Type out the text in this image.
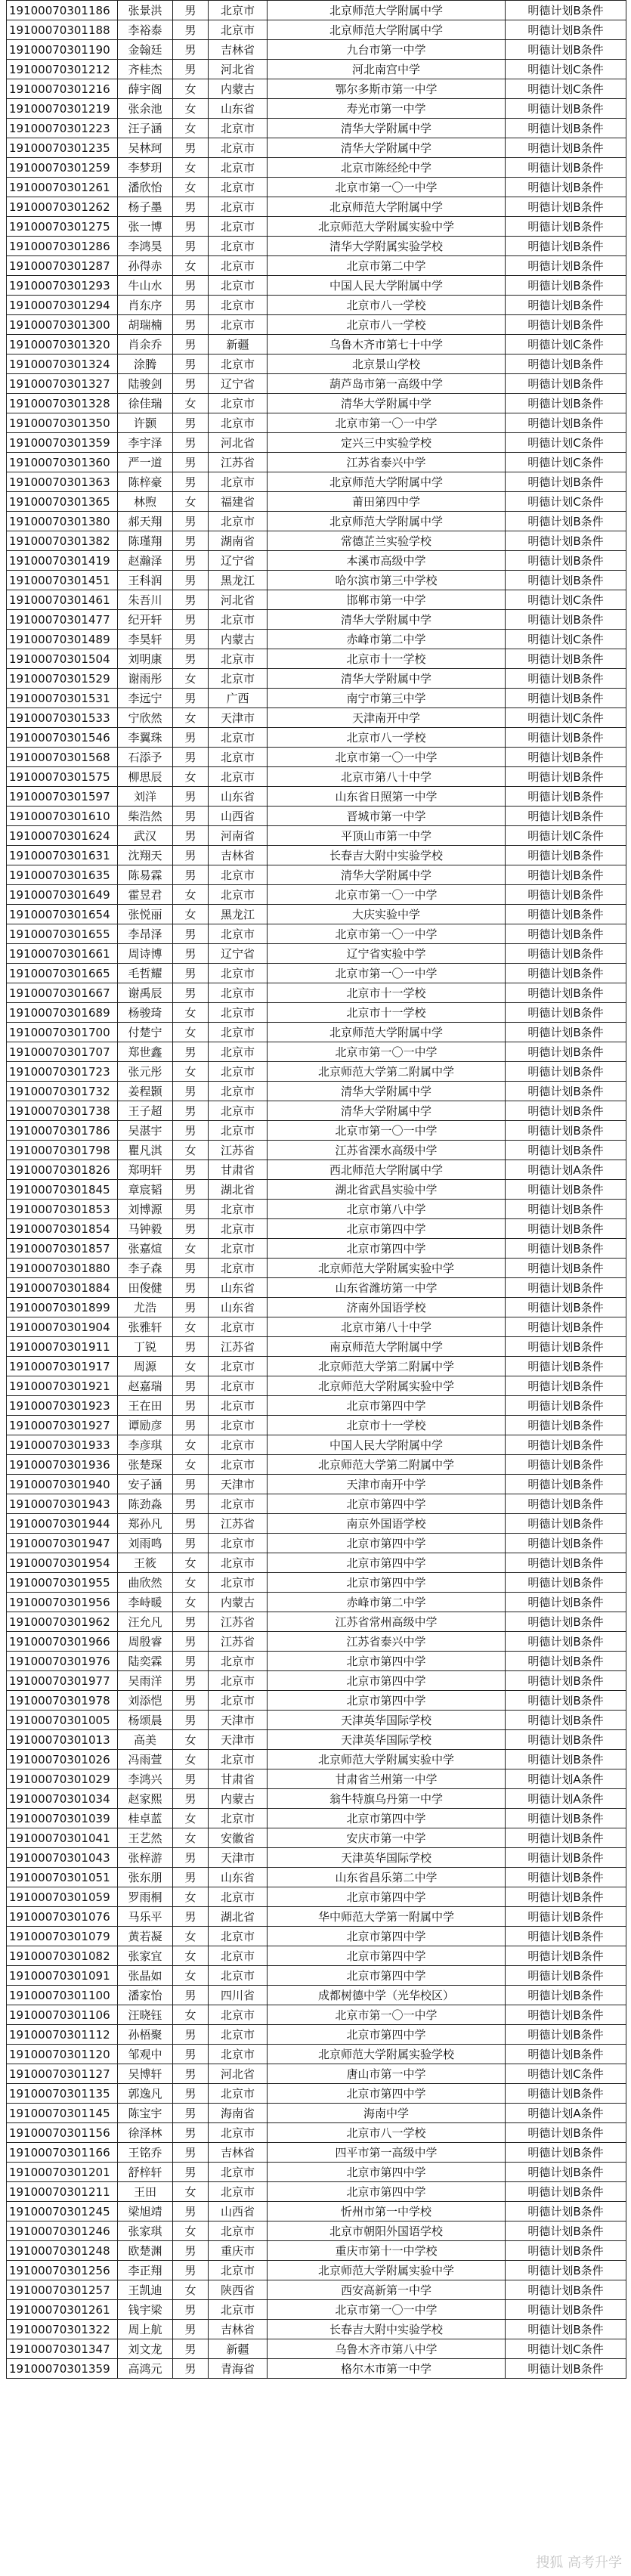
19100070301186	张景洪	男	北京市	北京师范大学附属中学	明德计划B条件
19100070301188	李裕泰	男	北京市	北京师范大学附属中学	明德计划B条件
19100070301190	金翰廷	男	吉林省	九台市第一中学	明德计划B条件
19100070301212	齐桂杰	男	河北省	河北南宫中学	明德计划C条件
19100070301216	薛宇阁	女	内蒙古	鄂尔多斯市第一中学	明德计划C条件
19100070301219	张余池	女	山东省	寿光市第一中学	明德计划B条件
19100070301223	汪子涵	女	北京市	清华大学附属中学	明德计划B条件
19100070301235	吴林珂	男	北京市	清华大学附属中学	明德计划B条件
19100070301259	李梦玥	女	北京市	北京市陈经纶中学	明德计划B条件
19100070301261	潘欣怡	女	北京市	北京市第一〇一中学	明德计划B条件
19100070301262	杨子墨	男	北京市	北京师范大学附属中学	明德计划B条件
19100070301275	张一博	男	北京市	北京师范大学附属实验中学	明德计划B条件
19100070301286	李鸿昊	男	北京市	清华大学附属实验学校	明德计划B条件
19100070301287	孙得赤	女	北京市	北京市第二中学	明德计划B条件
19100070301293	牛山水	男	北京市	中国人民大学附属中学	明德计划B条件
19100070301294	肖东序	男	北京市	北京市八一学校	明德计划B条件
19100070301300	胡瑞楠	男	北京市	北京市八一学校	明德计划B条件
19100070301320	肖余乔	男	新疆	乌鲁木齐市第七十中学	明德计划C条件
19100070301324	涂腾	男	北京市	北京景山学校	明德计划B条件
19100070301327	陆骏剑	男	辽宁省	葫芦岛市第一高级中学	明德计划B条件
19100070301328	徐佳瑞	女	北京市	清华大学附属中学	明德计划B条件
19100070301350	许颢	男	北京市	北京市第一〇一中学	明德计划B条件
19100070301359	李宇泽	男	河北省	定兴三中实验学校	明德计划C条件
19100070301360	严一道	男	江苏省	江苏省泰兴中学	明德计划C条件
19100070301363	陈梓豪	男	北京市	北京师范大学附属中学	明德计划B条件
19100070301365	林煦	女	福建省	莆田第四中学	明德计划C条件
19100070301380	郝天翔	男	北京市	北京师范大学附属中学	明德计划B条件
19100070301382	陈瑾翔	男	湖南省	常德芷兰实验学校	明德计划B条件
19100070301419	赵瀚泽	男	辽宁省	本溪市高级中学	明德计划B条件
19100070301451	王科润	男	黑龙江	哈尔滨市第三中学校	明德计划B条件
19100070301461	朱吾川	男	河北省	邯郸市第一中学	明德计划C条件
19100070301477	纪开轩	男	北京市	清华大学附属中学	明德计划B条件
19100070301489	李昊轩	男	内蒙古	赤峰市第二中学	明德计划C条件
19100070301504	刘明康	男	北京市	北京市十一学校	明德计划B条件
19100070301529	谢雨彤	女	北京市	清华大学附属中学	明德计划B条件
19100070301531	李远宁	男	广西	南宁市第三中学	明德计划B条件
19100070301533	宁欣然	女	天津市	天津南开中学	明德计划C条件
19100070301546	李翼珠	男	北京市	北京市八一学校	明德计划B条件
19100070301568	石添予	男	北京市	北京市第一〇一中学	明德计划B条件
19100070301575	柳思辰	女	北京市	北京市第八十中学	明德计划B条件
19100070301597	刘洋	男	山东省	山东省日照第一中学	明德计划B条件
19100070301610	柴浩然	男	山西省	晋城市第一中学	明德计划B条件
19100070301624	武汉	男	河南省	平顶山市第一中学	明德计划C条件
19100070301631	沈翔天	男	吉林省	长春吉大附中实验学校	明德计划B条件
19100070301635	陈易霖	男	北京市	清华大学附属中学	明德计划B条件
19100070301649	霍昱君	女	北京市	北京市第一〇一中学	明德计划B条件
19100070301654	张悦丽	女	黑龙江	大庆实验中学	明德计划B条件
19100070301655	李昂泽	男	北京市	北京市第一〇一中学	明德计划B条件
19100070301661	周诗博	男	辽宁省	辽宁省实验中学	明德计划B条件
19100070301665	毛哲耀	男	北京市	北京市第一〇一中学	明德计划B条件
19100070301667	谢禹辰	男	北京市	北京市十一学校	明德计划B条件
19100070301689	杨骏琦	女	北京市	北京市十一学校	明德计划B条件
19100070301700	付楚宁	女	北京市	北京师范大学附属中学	明德计划B条件
19100070301707	郑世鑫	男	北京市	北京市第一〇一中学	明德计划B条件
19100070301723	张元彤	女	北京市	北京师范大学第二附属中学	明德计划B条件
19100070301732	姜程颢	男	北京市	清华大学附属中学	明德计划B条件
19100070301738	王子超	男	北京市	清华大学附属中学	明德计划B条件
19100070301786	吴湛宇	男	北京市	北京市第一〇一中学	明德计划B条件
19100070301798	瞿凡淇	女	江苏省	江苏省溧水高级中学	明德计划B条件
19100070301826	郑明轩	男	甘肃省	西北师范大学附属中学	明德计划A条件
19100070301845	章宸韬	男	湖北省	湖北省武昌实验中学	明德计划B条件
19100070301853	刘博源	男	北京市	北京市第八中学	明德计划B条件
19100070301854	马钟毅	男	北京市	北京市第四中学	明德计划B条件
19100070301857	张嘉煊	女	北京市	北京市第四中学	明德计划B条件
19100070301880	李子森	男	北京市	北京师范大学附属实验中学	明德计划B条件
19100070301884	田俊健	男	山东省	山东省潍坊第一中学	明德计划B条件
19100070301899	尤浩	男	山东省	济南外国语学校	明德计划B条件
19100070301904	张雅轩	女	北京市	北京市第八十中学	明德计划B条件
19100070301911	丁锐	男	江苏省	南京师范大学附属中学	明德计划B条件
19100070301917	周源	女	北京市	北京师范大学第二附属中学	明德计划B条件
19100070301921	赵嘉瑞	男	北京市	北京师范大学附属实验中学	明德计划B条件
19100070301923	王在田	男	北京市	北京市第四中学	明德计划B条件
19100070301927	谭励彦	男	北京市	北京市十一学校	明德计划B条件
19100070301933	李彦琪	女	北京市	中国人民大学附属中学	明德计划B条件
19100070301936	张楚琛	女	北京市	北京师范大学第二附属中学	明德计划B条件
19100070301940	安子涵	男	天津市	天津市南开中学	明德计划B条件
19100070301943	陈劲淼	男	北京市	北京市第四中学	明德计划B条件
19100070301944	郑孙凡	男	江苏省	南京外国语学校	明德计划B条件
19100070301947	刘雨鸣	男	北京市	北京市第四中学	明德计划B条件
19100070301954	王筱	女	北京市	北京市第四中学	明德计划B条件
19100070301955	曲欣然	女	北京市	北京市第四中学	明德计划B条件
19100070301956	李峙暖	女	内蒙古	赤峰市第二中学	明德计划B条件
19100070301962	汪允凡	男	江苏省	江苏省常州高级中学	明德计划B条件
19100070301966	周殷睿	男	江苏省	江苏省泰兴中学	明德计划B条件
19100070301976	陆奕霖	男	北京市	北京市第四中学	明德计划B条件
19100070301977	吴雨洋	男	北京市	北京市第四中学	明德计划B条件
19100070301978	刘添恺	男	北京市	北京市第四中学	明德计划B条件
19100070301005	杨颂晨	男	天津市	天津英华国际学校	明德计划B条件
19100070301013	高美	女	天津市	天津英华国际学校	明德计划B条件
19100070301026	冯雨萱	女	北京市	北京师范大学附属实验中学	明德计划B条件
19100070301029	李鸿兴	男	甘肃省	甘肃省兰州第一中学	明德计划A条件
19100070301034	赵家熙	男	内蒙古	翁牛特旗乌丹第一中学	明德计划A条件
19100070301039	桂卓蓝	女	北京市	北京市第四中学	明德计划B条件
19100070301041	王艺然	女	安徽省	安庆市第一中学	明德计划B条件
19100070301043	张梓游	男	天津市	天津英华国际学校	明德计划B条件
19100070301051	张东朋	男	山东省	山东省昌乐第二中学	明德计划B条件
19100070301059	罗雨桐	女	北京市	北京市第四中学	明德计划B条件
19100070301076	马乐平	男	湖北省	华中师范大学第一附属中学	明德计划B条件
19100070301079	黄若凝	女	北京市	北京市第四中学	明德计划B条件
19100070301082	张家宜	女	北京市	北京市第四中学	明德计划B条件
19100070301091	张晶如	女	北京市	北京市第四中学	明德计划B条件
19100070301100	潘家怡	男	四川省	成都树德中学（光华校区）	明德计划B条件
19100070301106	汪晓钰	女	北京市	北京市第一〇一中学	明德计划B条件
19100070301112	孙梧聚	男	北京市	北京市第四中学	明德计划B条件
19100070301120	邹观中	男	北京市	北京师范大学附属实验学校	明德计划B条件
19100070301127	吴博轩	男	河北省	唐山市第一中学	明德计划C条件
19100070301135	郭逸凡	男	北京市	北京市第四中学	明德计划B条件
19100070301145	陈宝宇	男	海南省	海南中学	明德计划A条件
19100070301156	徐泽林	男	北京市	北京市八一学校	明德计划B条件
19100070301166	王铭乔	男	吉林省	四平市第一高级中学	明德计划B条件
19100070301201	舒梓轩	男	北京市	北京市第四中学	明德计划B条件
19100070301211	王田	女	北京市	北京市第四中学	明德计划B条件
19100070301245	梁旭靖	男	山西省	忻州市第一中学校	明德计划B条件
19100070301246	张家琪	女	北京市	北京市朝阳外国语学校	明德计划B条件
19100070301248	欧楚渊	男	重庆市	重庆市第十一中学校	明德计划B条件
19100070301256	李正翔	男	北京市	北京师范大学附属实验中学	明德计划B条件
19100070301257	王凯迪	女	陕西省	西安高新第一中学	明德计划B条件
19100070301261	钱宇梁	男	北京市	北京市第一〇一中学	明德计划B条件
19100070301322	周上航	男	吉林省	长春吉大附中实验学校	明德计划B条件
19100070301347	刘文龙	男	新疆	乌鲁木齐市第八中学	明德计划C条件
19100070301359	高鸿元	男	青海省	格尔木市第一中学	明德计划B条件
搜狐 高考升学
